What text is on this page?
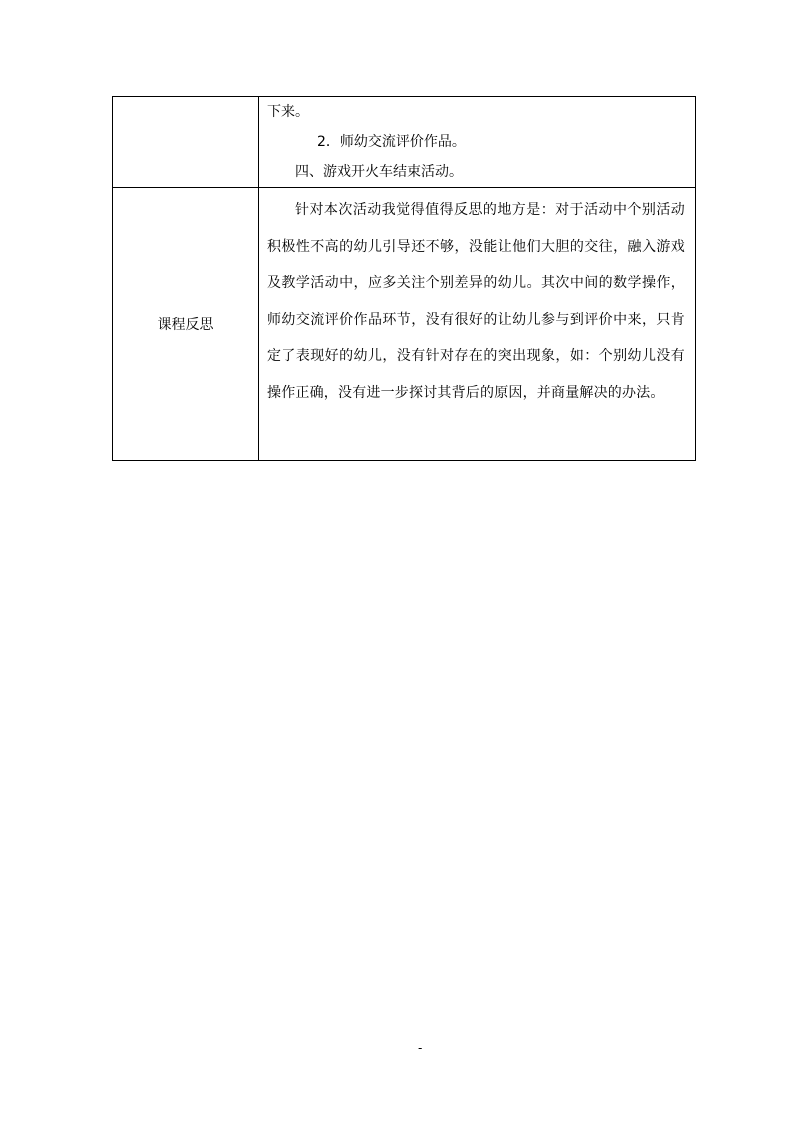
	下来。
2．师幼交流评价作品。
四、游戏开火车结束活动。

课程反思	针对本次活动我觉得值得反思的地方是：对于活动中个别活动积极性不高的幼儿引导还不够，没能让他们大胆的交往，融入游戏及教学活动中，应多关注个别差异的幼儿。其次中间的数学操作，师幼交流评价作品环节，没有很好的让幼儿参与到评价中来，只肯定了表现好的幼儿，没有针对存在的突出现象，如：个别幼儿没有操作正确，没有进一步探讨其背后的原因，并商量解决的办法。
-
